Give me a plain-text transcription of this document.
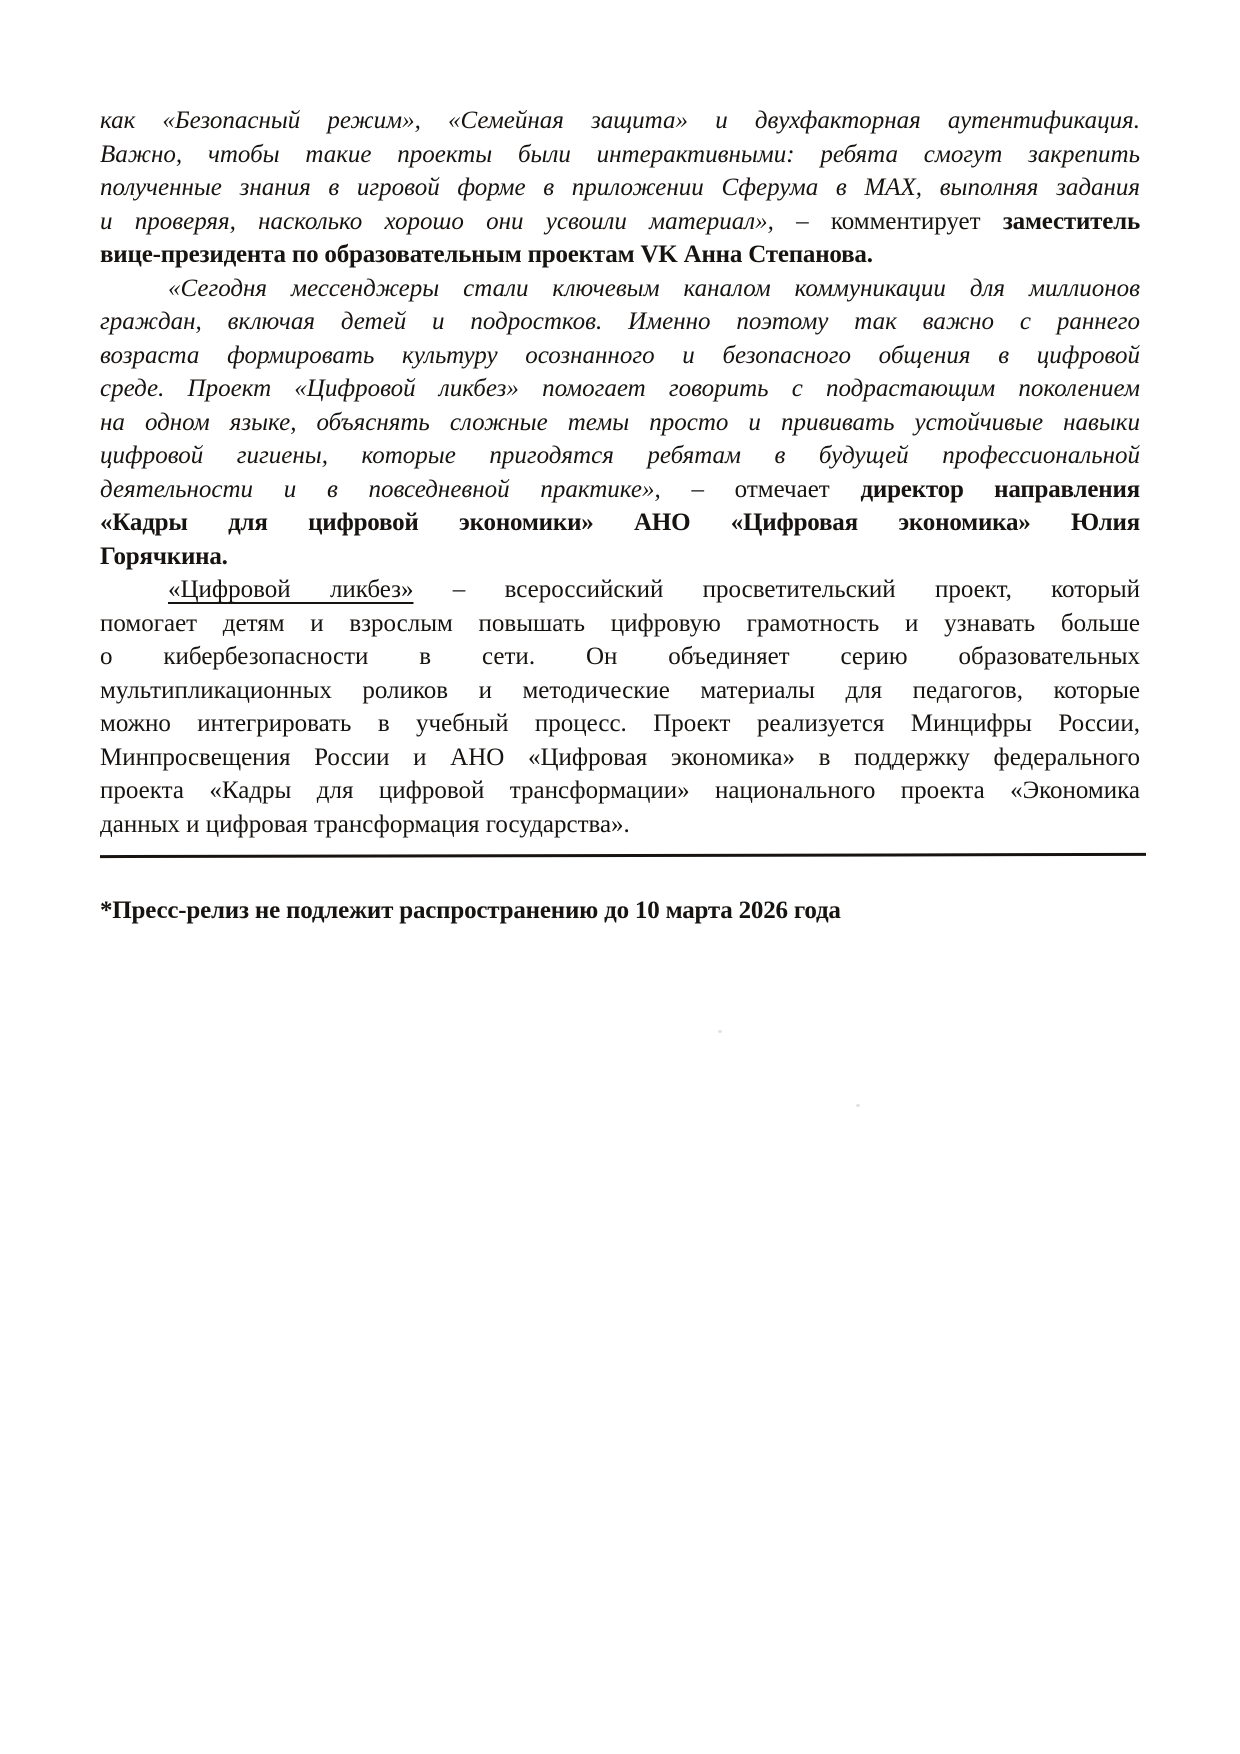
как «Безопасный режим», «Семейная защита» и двухфакторная аутентификация.
Важно, чтобы такие проекты были интерактивными: ребята смогут закрепить
полученные знания в игровой форме в приложении Сферума в MAX, выполняя задания
и проверяя, насколько хорошо они усвоили материал», – комментирует заместитель
вице-президента по образовательным проектам VK Анна Степанова.
«Сегодня мессенджеры стали ключевым каналом коммуникации для миллионов
граждан, включая детей и подростков. Именно поэтому так важно с раннего
возраста формировать культуру осознанного и безопасного общения в цифровой
среде. Проект «Цифровой ликбез» помогает говорить с подрастающим поколением
на одном языке, объяснять сложные темы просто и прививать устойчивые навыки
цифровой гигиены, которые пригодятся ребятам в будущей профессиональной
деятельности и в повседневной практике», – отмечает директор направления
«Кадры для цифровой экономики» АНО «Цифровая экономика» Юлия
Горячкина.
«Цифровой ликбез» – всероссийский просветительский проект, который
помогает детям и взрослым повышать цифровую грамотность и узнавать больше
о кибербезопасности в сети. Он объединяет серию образовательных
мультипликационных роликов и методические материалы для педагогов, которые
можно интегрировать в учебный процесс. Проект реализуется Минцифры России,
Минпросвещения России и АНО «Цифровая экономика» в поддержку федерального
проекта «Кадры для цифровой трансформации» национального проекта «Экономика
данных и цифровая трансформация государства».
*Пресс-релиз не подлежит распространению до 10 марта 2026 года
